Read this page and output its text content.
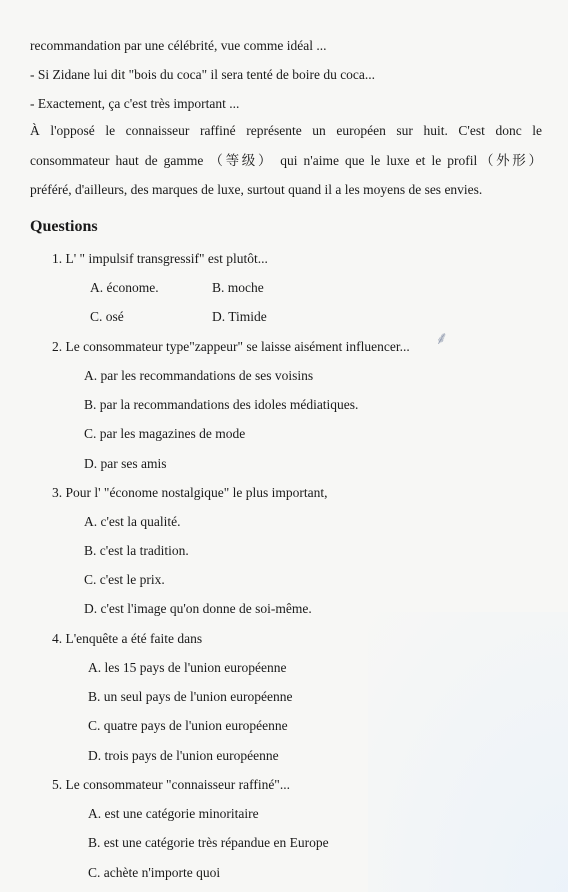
recommandation par une célébrité, vue comme idéal ...
- Si Zidane lui dit "bois du coca" il sera tenté de boire du coca...
- Exactement, ça c'est très important ...
À l'opposé le connaisseur raffiné représente un européen sur huit. C'est donc le
consommateur haut de gamme （等级） qui n'aime que le luxe et le profil（外形）
préféré, d'ailleurs, des marques de luxe, surtout quand il a les moyens de ses envies.
Questions
1. L' " impulsif transgressif" est plutôt...
A. économe.	B. moche
C. osé	D. Timide
2. Le consommateur type"zappeur" se laisse aisément influencer... ⸙
A. par les recommandations de ses voisins
B. par la recommandations des idoles médiatiques.
C. par les magazines de mode
D. par ses amis
3. Pour l' "économe nostalgique" le plus important,
A. c'est la qualité.
B. c'est la tradition.
C. c'est le prix.
D. c'est l'image qu'on donne de soi-même.
4. L'enquête a été faite dans
A. les 15 pays de l'union européenne
B. un seul pays de l'union européenne
C. quatre pays de l'union européenne
D. trois pays de l'union européenne
5. Le consommateur "connaisseur raffiné"...
A. est une catégorie minoritaire
B. est une catégorie très répandue en Europe
C. achète n'importe quoi
